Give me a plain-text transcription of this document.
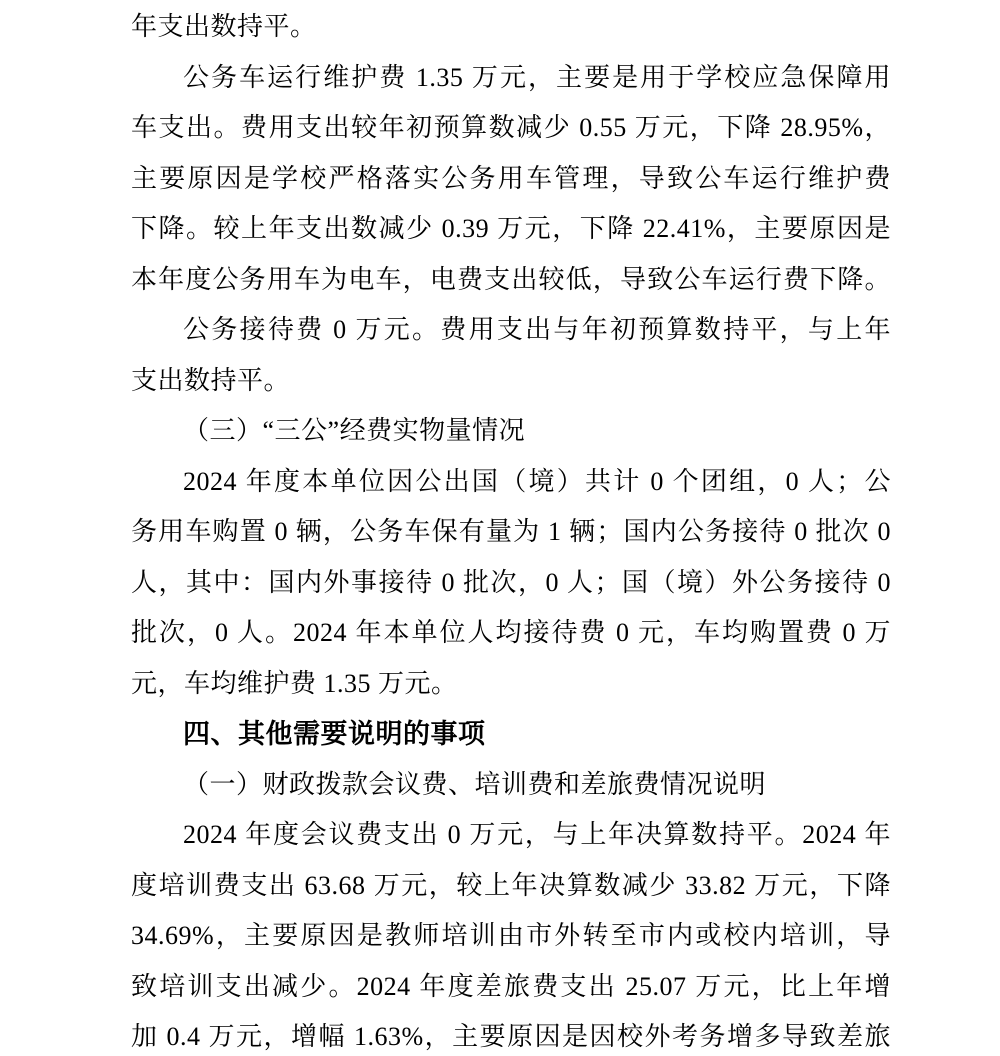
年支出数持平。
公务车运行维护费 1.35 万元，主要是用于学校应急保障用
车支出。费用支出较年初预算数减少 0.55 万元，下降 28.95%，
主要原因是学校严格落实公务用车管理，导致公车运行维护费
下降。较上年支出数减少 0.39 万元，下降 22.41%，主要原因是
本年度公务用车为电车，电费支出较低，导致公车运行费下降。
公务接待费 0 万元。费用支出与年初预算数持平，与上年
支出数持平。
（三）“三公”经费实物量情况
2024 年度本单位因公出国（境）共计 0 个团组，0 人；公
务用车购置 0 辆，公务车保有量为 1 辆；国内公务接待 0 批次 0
人，其中：国内外事接待 0 批次，0 人；国（境）外公务接待 0
批次，0 人。2024 年本单位人均接待费 0 元，车均购置费 0 万
元，车均维护费 1.35 万元。
四、其他需要说明的事项
（一）财政拨款会议费、培训费和差旅费情况说明
2024 年度会议费支出 0 万元，与上年决算数持平。2024 年
度培训费支出 63.68 万元，较上年决算数减少 33.82 万元，下降
34.69%，主要原因是教师培训由市外转至市内或校内培训，导
致培训支出减少。2024 年度差旅费支出 25.07 万元，比上年增
加 0.4 万元，增幅 1.63%，主要原因是因校外考务增多导致差旅
